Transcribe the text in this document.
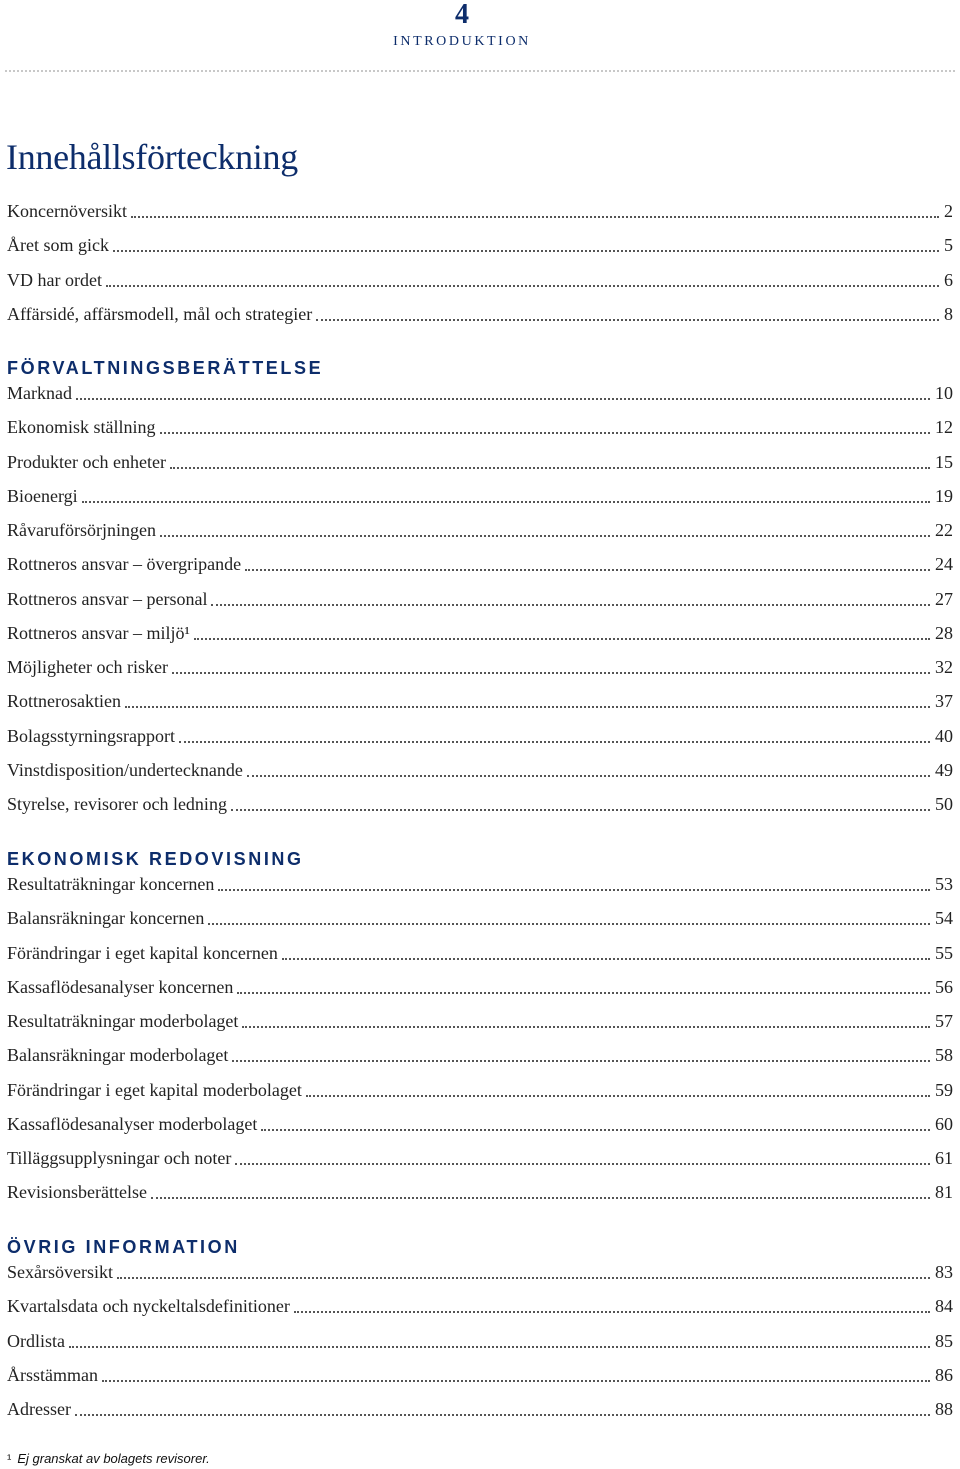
4
INTRODUKTION
Innehållsförteckning
Koncernöversikt	2
Året som gick	5
VD har ordet	6
Affärsidé, affärsmodell, mål och strategier	8
FÖRVALTNINGSBERÄTTELSE
Marknad	10
Ekonomisk ställning	12
Produkter och enheter	15
Bioenergi	19
Råvaruförsörjningen	22
Rottneros ansvar – övergripande	24
Rottneros ansvar – personal	27
Rottneros ansvar – miljö¹	28
Möjligheter och risker	32
Rottnerosaktien	37
Bolagsstyrningsrapport	40
Vinstdisposition/undertecknande	49
Styrelse, revisorer och ledning	50
EKONOMISK REDOVISNING
Resultaträkningar koncernen	53
Balansräkningar koncernen	54
Förändringar i eget kapital koncernen	55
Kassaflödesanalyser koncernen	56
Resultaträkningar moderbolaget	57
Balansräkningar moderbolaget	58
Förändringar i eget kapital moderbolaget	59
Kassaflödesanalyser moderbolaget	60
Tilläggsupplysningar och noter	61
Revisionsberättelse	81
ÖVRIG INFORMATION
Sexårsöversikt	83
Kvartalsdata och nyckeltalsdefinitioner	84
Ordlista	85
Årsstämman	86
Adresser	88
¹ Ej granskat av bolagets revisorer.
